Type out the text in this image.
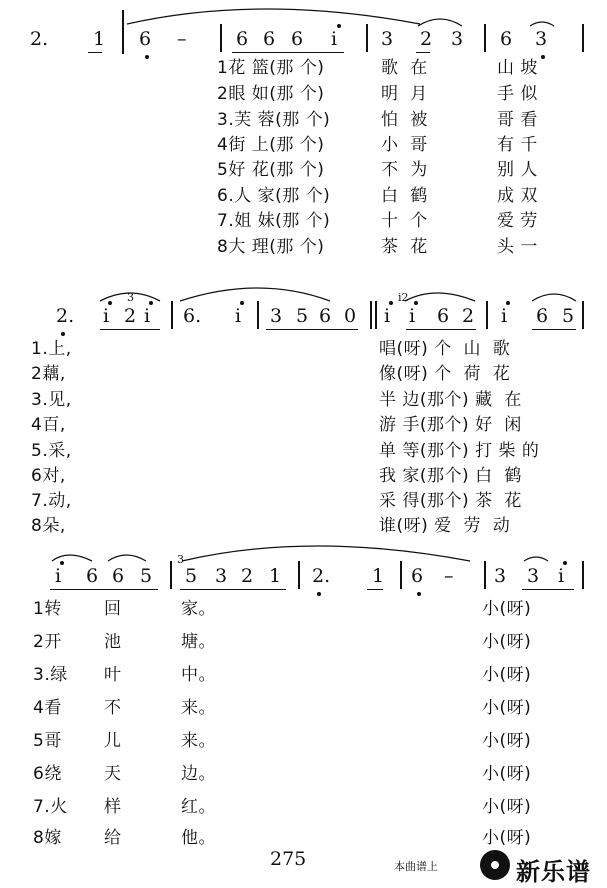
2. 1 6 –	6 6 6 i 3 2 3 6 3
1花 篮(那 个)	歌  在	山 坡
2眼 如(那 个)	明  月	手 似
3.芙 蓉(那 个)	怕  被	哥 看
4街 上(那 个)	小  哥	有 千
5好 花(那 个)	不  为	别 人
6.人 家(那 个)	白  鹤	成 双
7.姐 妹(那 个)	十  个	爱 劳
8大 理(那 个)	茶  花	头 一
2. i 2 i 6. i 3 5 6 0 i i 6 2 i 6 5
3	i2
1.上,	唱(呀) 个  山  歌
2藕,	像(呀) 个  荷  花
3.见,	半 边(那个) 藏  在
4百,	游 手(那个) 好  闲
5.采,	单 等(那个) 打 柴 的
6对,	我 家(那个) 白  鹤
7.动,	采 得(那个) 茶  花
8朵,	谁(呀) 爱  劳  动
i 6 6 5 5 3 2 1 2. 1 6 – 3 3 i
3
1转 回	家。	小(呀)
2开 池	塘。	小(呀)
3.绿 叶	中。	小(呀)
4看 不	来。	小(呀)
5哥 儿	来。	小(呀)
6绕 天	边。	小(呀)
7.火 样	红。	小(呀)
8嫁 给	他。	小(呀)
275	本曲谱上	新乐谱
